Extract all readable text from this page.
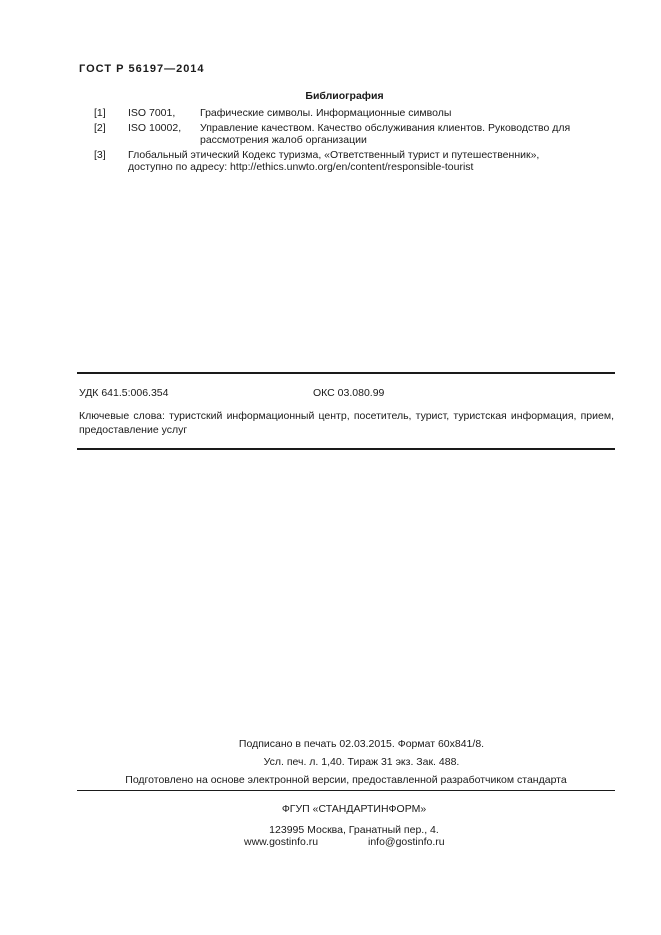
ГОСТ Р 56197—2014
Библиография
[1] ISO 7001, Графические символы. Информационные символы
[2] ISO 10002, Управление качеством. Качество обслуживания клиентов. Руководство для рассмотрения жалоб организации
[3] Глобальный этический Кодекс туризма, «Ответственный турист и путешественник»,
доступно по адресу: http://ethics.unwto.org/en/content/responsible-tourist
УДК 641.5:006.354	ОКС 03.080.99
Ключевые слова: туристский информационный центр, посетитель, турист, туристская информация, прием, предоставление услуг
Подписано в печать 02.03.2015. Формат 60x841/8.
Усл. печ. л. 1,40. Тираж 31 экз. Зак. 488.
Подготовлено на основе электронной версии, предоставленной разработчиком стандарта
ФГУП «СТАНДАРТИНФОРМ»
123995 Москва, Гранатный пер., 4.
www.gostinfo.ru	info@gostinfo.ru
